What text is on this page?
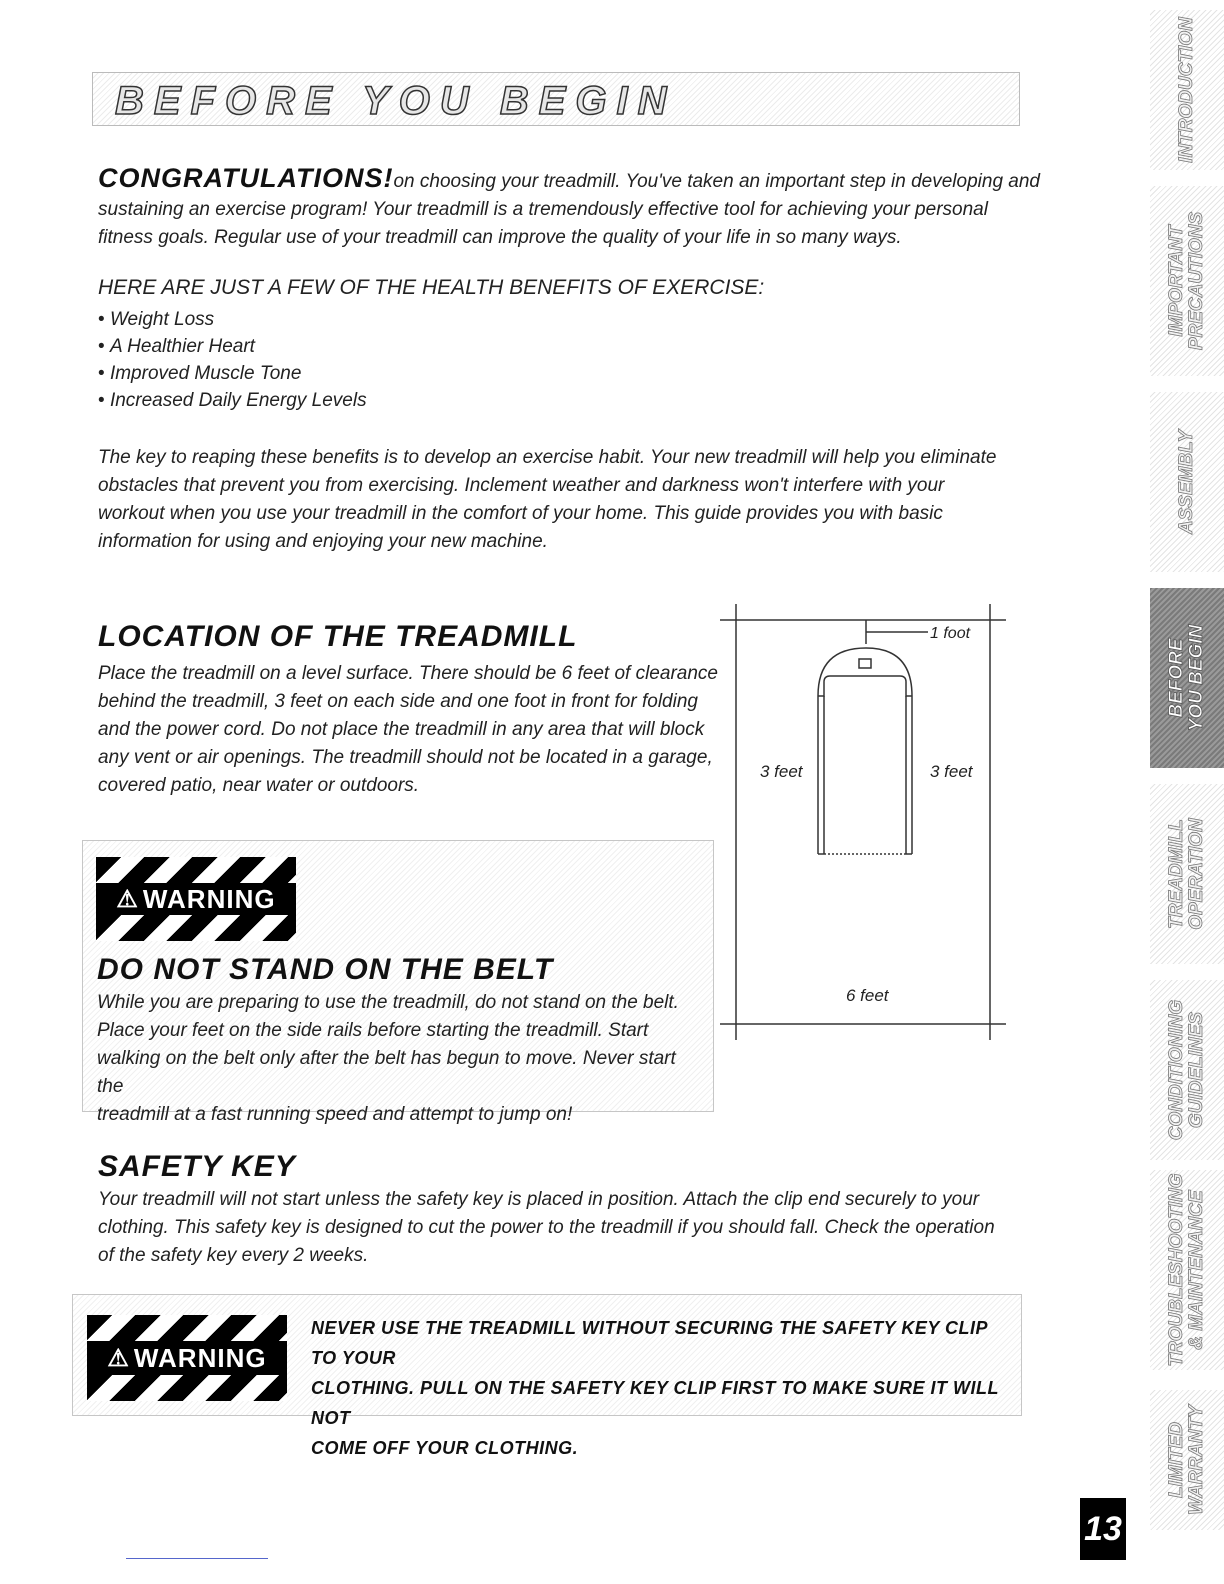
BEFORE YOU BEGIN
CONGRATULATIONS!on choosing your treadmill. You've taken an important step in developing and
sustaining an exercise program! Your treadmill is a tremendously effective tool for achieving your personal
fitness goals. Regular use of your treadmill can improve the quality of your life in so many ways.
HERE ARE JUST A FEW OF THE HEALTH BENEFITS OF EXERCISE:
• Weight Loss
• A Healthier Heart
• Improved Muscle Tone
• Increased Daily Energy Levels
The key to reaping these benefits is to develop an exercise habit. Your new treadmill will help you eliminate
obstacles that prevent you from exercising. Inclement weather and darkness won't interfere with your
workout when you use your treadmill in the comfort of your home. This guide provides you with basic
information for using and enjoying your new machine.
LOCATION OF THE TREADMILL
Place the treadmill on a level surface. There should be 6 feet of clearance
behind the treadmill, 3 feet on each side and one foot in front for folding
and the power cord. Do not place the treadmill in any area that will block
any vent or air openings. The treadmill should not be located in a garage,
covered patio, near water or outdoors.
1 foot
3 feet	3 feet
6 feet
⚠ WARNING
DO NOT STAND ON THE BELT
While you are preparing to use the treadmill, do not stand on the belt.
Place your feet on the side rails before starting the treadmill. Start
walking on the belt only after the belt has begun to move. Never start the
treadmill at a fast running speed and attempt to jump on!
SAFETY KEY
Your treadmill will not start unless the safety key is placed in position. Attach the clip end securely to your
clothing. This safety key is designed to cut the power to the treadmill if you should fall. Check the operation
of the safety key every 2 weeks.
⚠ WARNING
NEVER USE THE TREADMILL WITHOUT SECURING THE SAFETY KEY CLIP TO YOUR
CLOTHING. PULL ON THE SAFETY KEY CLIP FIRST TO MAKE SURE IT WILL NOT
COME OFF YOUR CLOTHING.
INTRODUCTION
IMPORTANT PRECAUTIONS
ASSEMBLY
BEFORE YOU BEGIN
TREADMILL OPERATION
CONDITIONING GUIDELINES
TROUBLESHOOTING & MAINTENANCE
LIMITED WARRANTY
13
